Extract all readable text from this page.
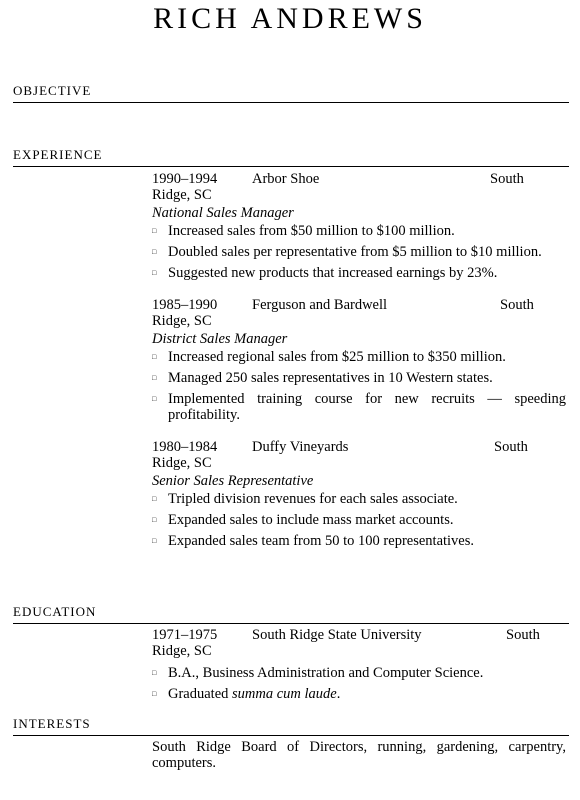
RICH ANDREWS
OBJECTIVE
EXPERIENCE
1990–1994 Arbor Shoe	South
Ridge, SC
National Sales Manager
□ Increased sales from $50 million to $100 million.
□ Doubled sales per representative from $5 million to $10 million.
□ Suggested new products that increased earnings by 23%.
1985–1990 Ferguson and Bardwell	South
Ridge, SC
District Sales Manager
□ Increased regional sales from $25 million to $350 million.
□ Managed 250 sales representatives in 10 Western states.
□ Implemented training course for new recruits — speeding profitability.
1980–1984 Duffy Vineyards	South
Ridge, SC
Senior Sales Representative
□ Tripled division revenues for each sales associate.
□ Expanded sales to include mass market accounts.
□ Expanded sales team from 50 to 100 representatives.
EDUCATION
1971–1975 South Ridge State University	South
Ridge, SC
□ B.A., Business Administration and Computer Science.
□ Graduated summa cum laude.
INTERESTS
South Ridge Board of Directors, running, gardening, carpentry, computers.
